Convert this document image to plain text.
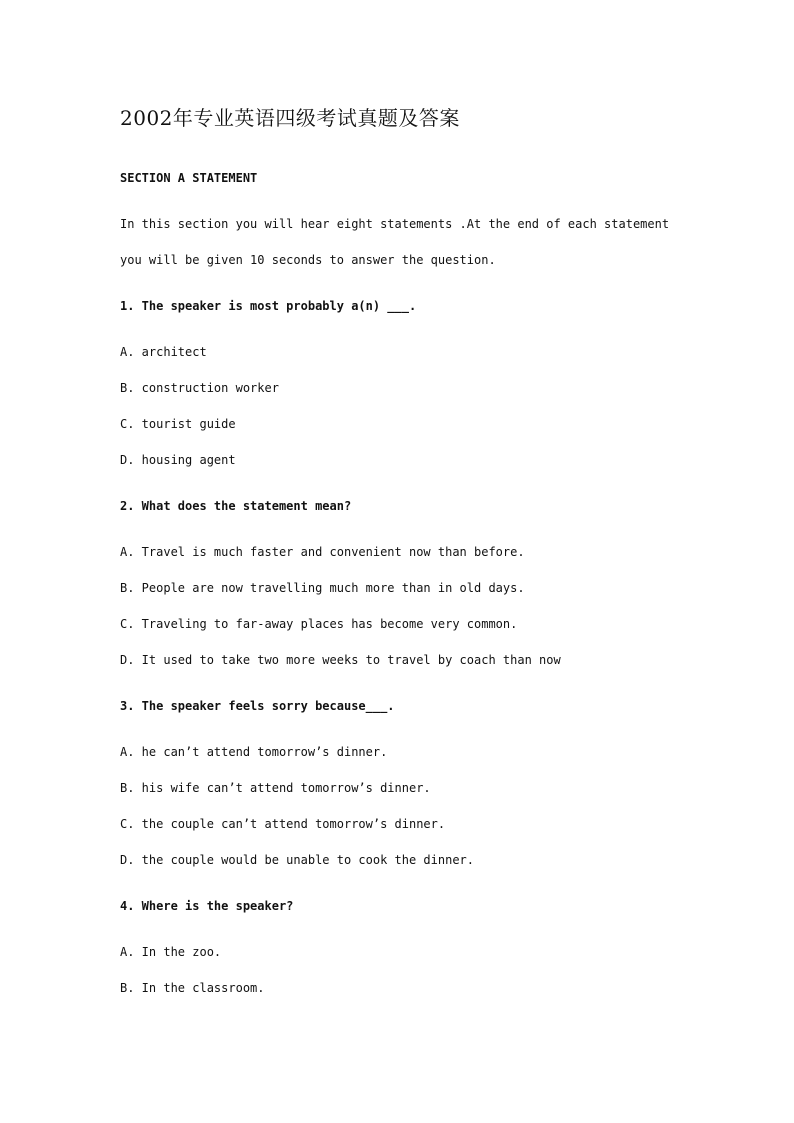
2002年专业英语四级考试真题及答案
SECTION A STATEMENT
In this section you will hear eight statements .At the end of each statement
you will be given 10 seconds to answer the question.
1. The speaker is most probably a(n) ___.
A. architect
B. construction worker
C. tourist guide
D. housing agent
2. What does the statement mean?
A. Travel is much faster and convenient now than before.
B. People are now travelling much more than in old days.
C. Traveling to far-away places has become very common.
D. It used to take two more weeks to travel by coach than now
3. The speaker feels sorry because___.
A. he can’t attend tomorrow’s dinner.
B. his wife can’t attend tomorrow’s dinner.
C. the couple can’t attend tomorrow’s dinner.
D. the couple would be unable to cook the dinner.
4. Where is the speaker?
A. In the zoo.
B. In the classroom.
